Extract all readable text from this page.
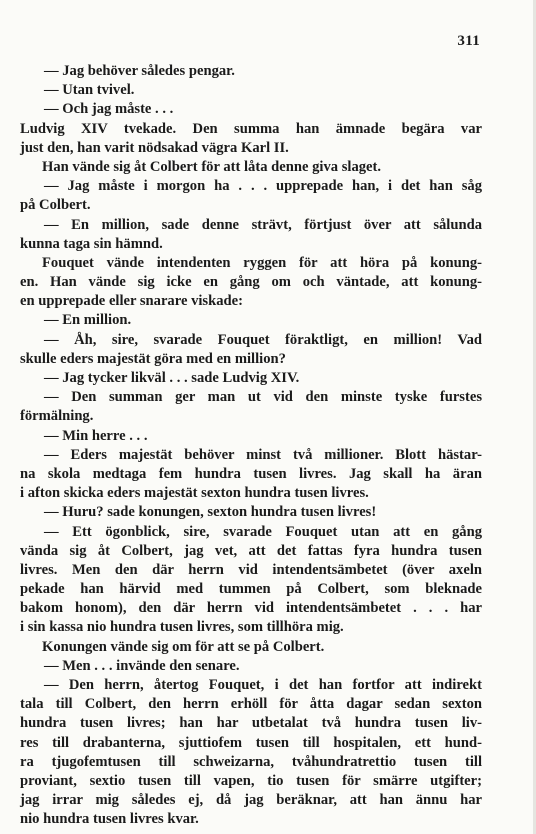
311
— Jag behöver således pengar.
— Utan tvivel.
— Och jag måste . . .
Ludvig XIV tvekade. Den summa han ämnade begära var
just den, han varit nödsakad vägra Karl II.
Han vände sig åt Colbert för att låta denne giva slaget.
— Jag måste i morgon ha . . . upprepade han, i det han såg
på Colbert.
— En million, sade denne strävt, förtjust över att sålunda
kunna taga sin hämnd.
Fouquet vände intendenten ryggen för att höra på konung-
en. Han vände sig icke en gång om och väntade, att konung-
en upprepade eller snarare viskade:
— En million.
— Åh, sire, svarade Fouquet föraktligt, en million! Vad
skulle eders majestät göra med en million?
— Jag tycker likväl . . . sade Ludvig XIV.
— Den summan ger man ut vid den minste tyske furstes
förmälning.
— Min herre . . .
— Eders majestät behöver minst två millioner. Blott hästar-
na skola medtaga fem hundra tusen livres. Jag skall ha äran
i afton skicka eders majestät sexton hundra tusen livres.
— Huru? sade konungen, sexton hundra tusen livres!
— Ett ögonblick, sire, svarade Fouquet utan att en gång
vända sig åt Colbert, jag vet, att det fattas fyra hundra tusen
livres. Men den där herrn vid intendentsämbetet (över axeln
pekade han härvid med tummen på Colbert, som bleknade
bakom honom), den där herrn vid intendentsämbetet . . . har
i sin kassa nio hundra tusen livres, som tillhöra mig.
Konungen vände sig om för att se på Colbert.
— Men . . . invände den senare.
— Den herrn, återtog Fouquet, i det han fortfor att indirekt
tala till Colbert, den herrn erhöll för åtta dagar sedan sexton
hundra tusen livres; han har utbetalat två hundra tusen liv-
res till drabanterna, sjuttiofem tusen till hospitalen, ett hund-
ra tjugofemtusen till schweizarna, tvåhundratrettio tusen till
proviant, sextio tusen till vapen, tio tusen för smärre utgifter;
jag irrar mig således ej, då jag beräknar, att han ännu har
nio hundra tusen livres kvar.
